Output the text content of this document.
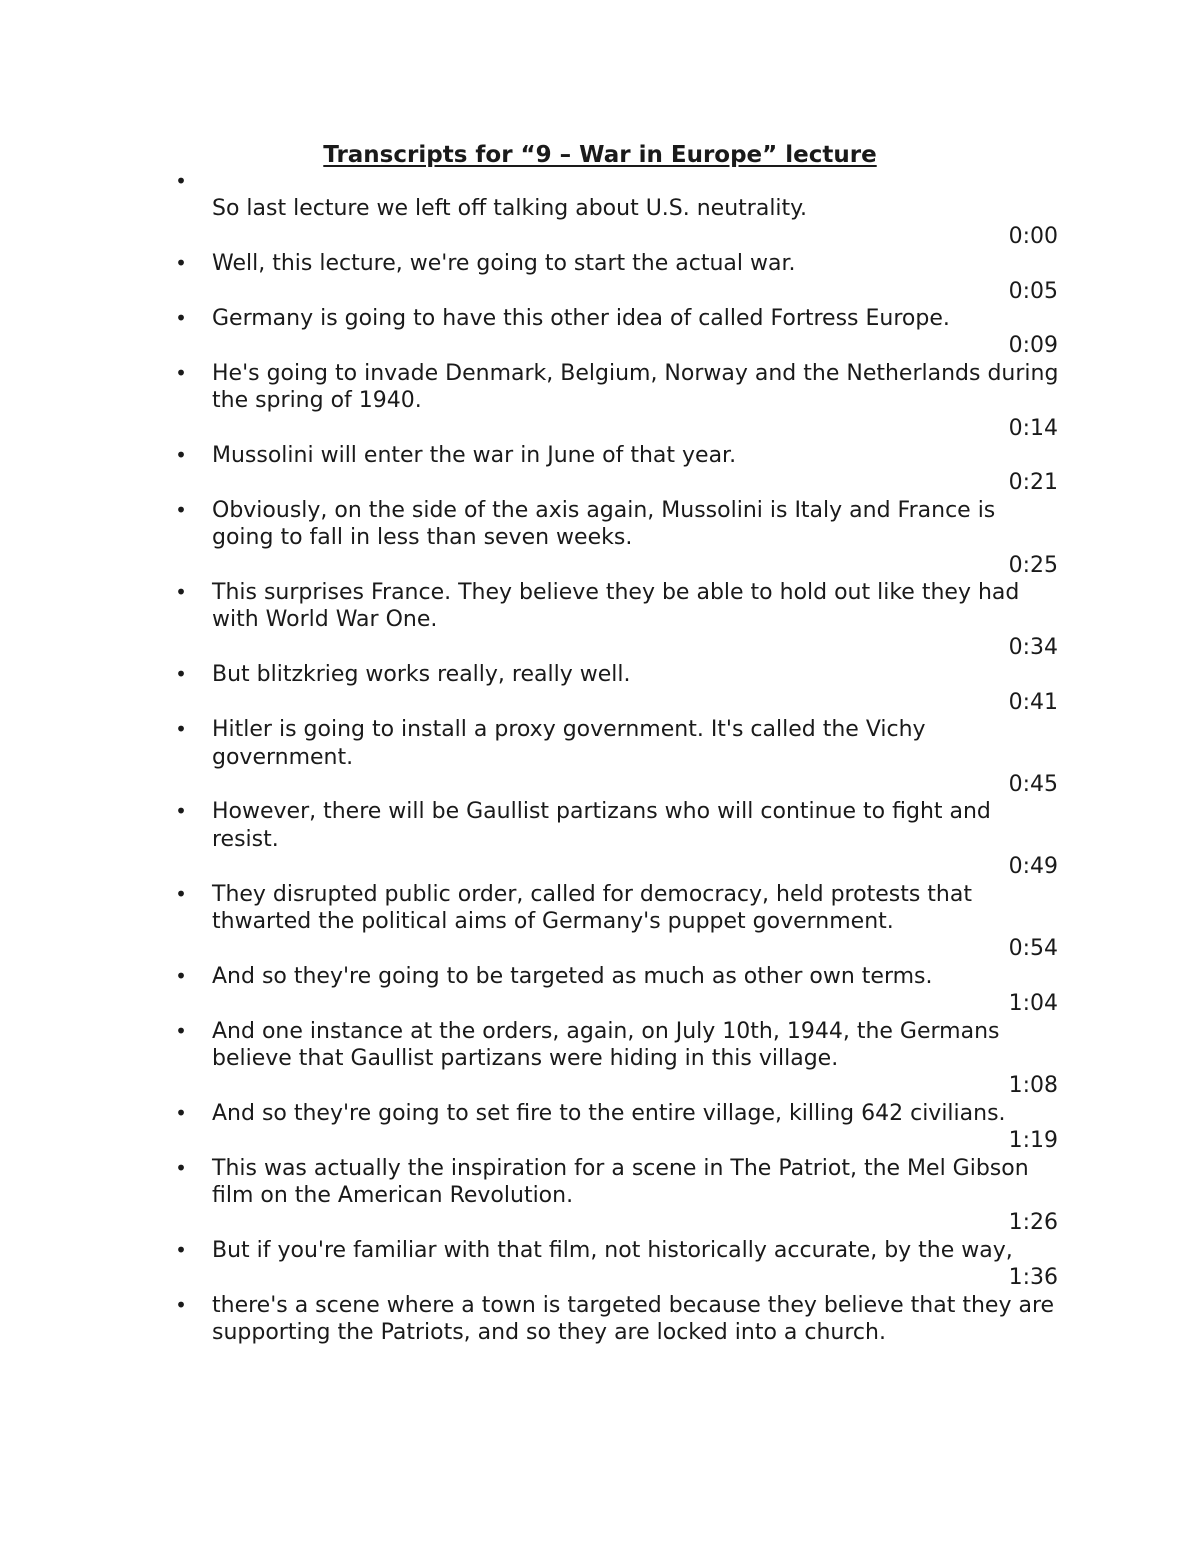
Transcripts for “9 – War in Europe” lecture
•
So last lecture we left off talking about U.S. neutrality.
0:00
• Well, this lecture, we're going to start the actual war.
0:05
• Germany is going to have this other idea of called Fortress Europe.
0:09
• He's going to invade Denmark, Belgium, Norway and the Netherlands during the spring of 1940.
0:14
• Mussolini will enter the war in June of that year.
0:21
• Obviously, on the side of the axis again, Mussolini is Italy and France is going to fall in less than seven weeks.
0:25
• This surprises France. They believe they be able to hold out like they had with World War One.
0:34
• But blitzkrieg works really, really well.
0:41
• Hitler is going to install a proxy government. It's called the Vichy government.
0:45
• However, there will be Gaullist partizans who will continue to fight and resist.
0:49
• They disrupted public order, called for democracy, held protests that thwarted the political aims of Germany's puppet government.
0:54
• And so they're going to be targeted as much as other own terms.
1:04
• And one instance at the orders, again, on July 10th, 1944, the Germans believe that Gaullist partizans were hiding in this village.
1:08
• And so they're going to set fire to the entire village, killing 642 civilians.
1:19
• This was actually the inspiration for a scene in The Patriot, the Mel Gibson film on the American Revolution.
1:26
• But if you're familiar with that film, not historically accurate, by the way,
1:36
• there's a scene where a town is targeted because they believe that they are supporting the Patriots, and so they are locked into a church.
